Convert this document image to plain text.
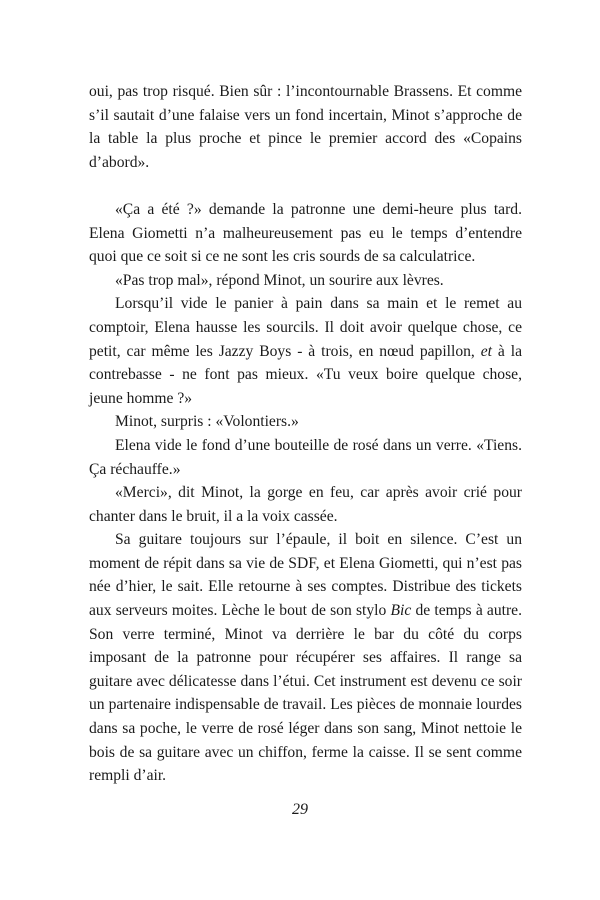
oui, pas trop risqué. Bien sûr : l’incontournable Brassens. Et comme s’il sautait d’une falaise vers un fond incertain, Minot s’approche de la table la plus proche et pince le premier accord des «Copains d’abord».

«Ça a été ?» demande la patronne une demi-heure plus tard. Elena Giometti n’a malheureusement pas eu le temps d’entendre quoi que ce soit si ce ne sont les cris sourds de sa calculatrice.

«Pas trop mal», répond Minot, un sourire aux lèvres.

Lorsqu’il vide le panier à pain dans sa main et le remet au comptoir, Elena hausse les sourcils. Il doit avoir quelque chose, ce petit, car même les Jazzy Boys - à trois, en nœud papillon, et à la contrebasse - ne font pas mieux. «Tu veux boire quelque chose, jeune homme ?»

Minot, surpris : «Volontiers.»

Elena vide le fond d’une bouteille de rosé dans un verre. «Tiens. Ça réchauffe.»

«Merci», dit Minot, la gorge en feu, car après avoir crié pour chanter dans le bruit, il a la voix cassée.

Sa guitare toujours sur l’épaule, il boit en silence. C’est un moment de répit dans sa vie de SDF, et Elena Giometti, qui n’est pas née d’hier, le sait. Elle retourne à ses comptes. Distribue des tickets aux serveurs moites. Lèche le bout de son stylo Bic de temps à autre. Son verre terminé, Minot va derrière le bar du côté du corps imposant de la patronne pour récupérer ses affaires. Il range sa guitare avec délicatesse dans l’étui. Cet instrument est devenu ce soir un partenaire indispensable de travail. Les pièces de monnaie lourdes dans sa poche, le verre de rosé léger dans son sang, Minot nettoie le bois de sa guitare avec un chiffon, ferme la caisse. Il se sent comme rempli d’air.

29
